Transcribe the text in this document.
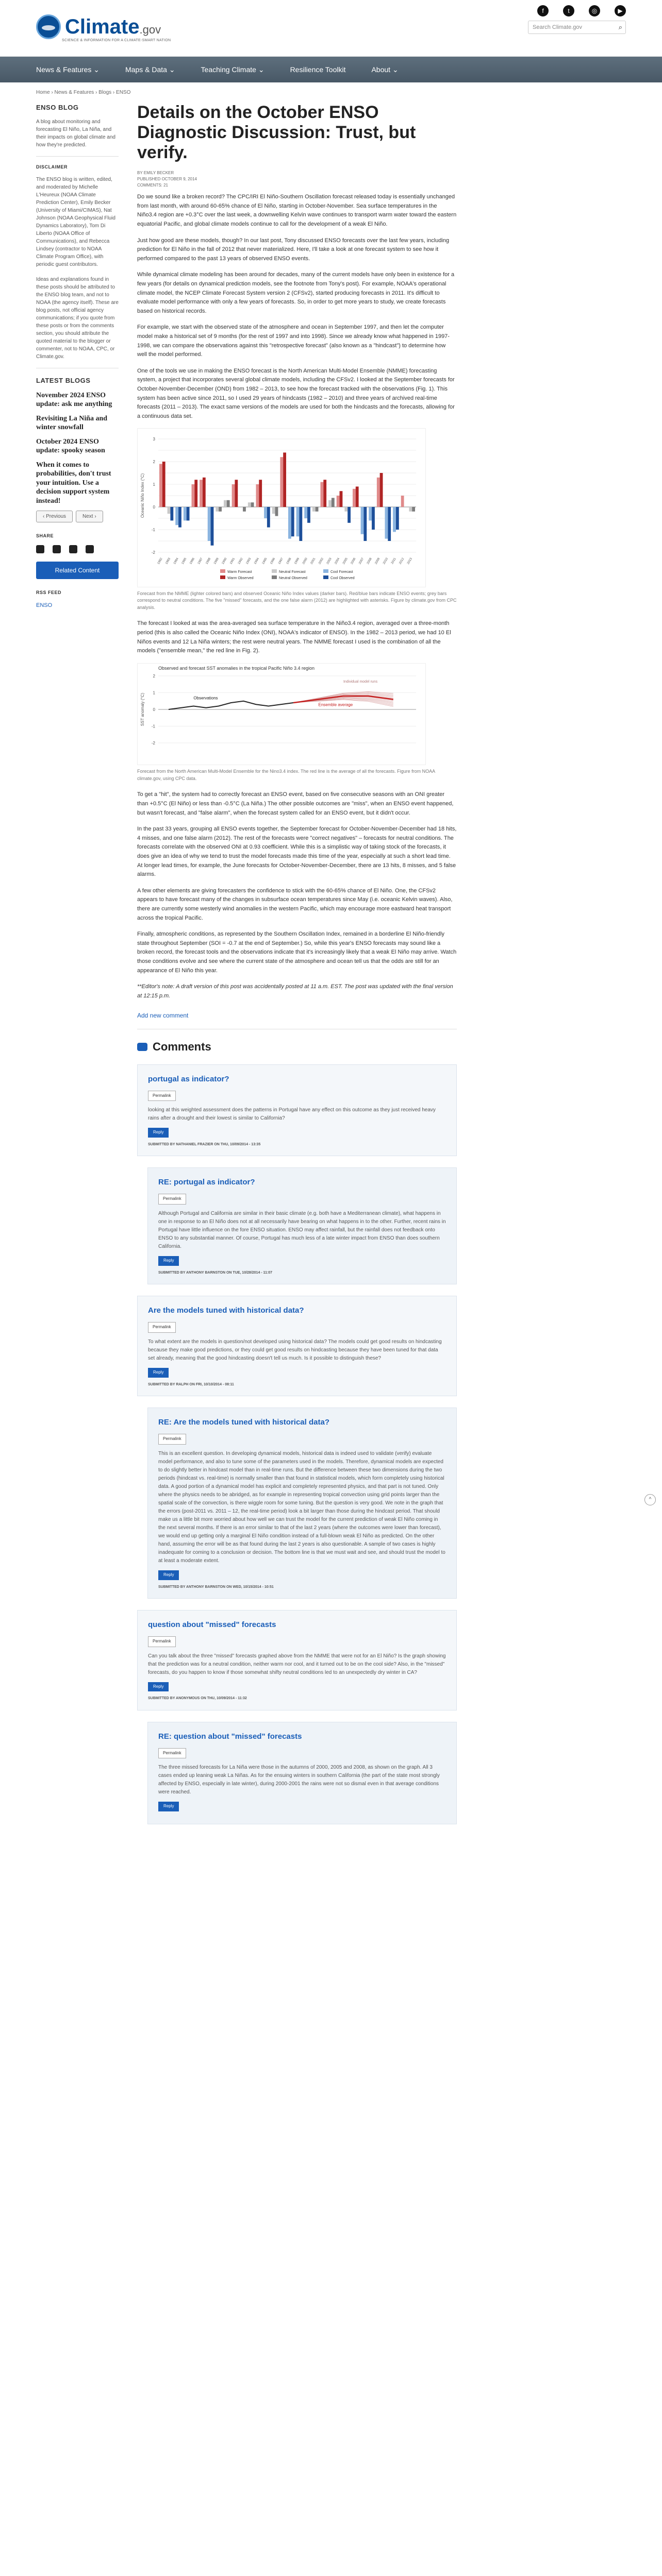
Climate.gov
SCIENCE & INFORMATION FOR A CLIMATE-SMART NATION
f	t	◎	▶
Search Climate.gov	⌕
News & Features ⌄	Maps & Data ⌄	Teaching Climate ⌄	Resilience Toolkit	About ⌄
Home › News & Features › Blogs › ENSO
ENSO BLOG

A blog about monitoring and forecasting El Niño, La Niña, and their impacts on global climate and how they're predicted.

DISCLAIMER

The ENSO blog is written, edited, and moderated by Michelle L'Heureux (NOAA Climate Prediction Center), Emily Becker (University of Miami/CIMAS), Nat Johnson (NOAA Geophysical Fluid Dynamics Laboratory), Tom Di Liberto (NOAA Office of Communications), and Rebecca Lindsey (contractor to NOAA Climate Program Office), with periodic guest contributors.

Ideas and explanations found in these posts should be attributed to the ENSO blog team, and not to NOAA (the agency itself). These are blog posts, not official agency communications; if you quote from these posts or from the comments section, you should attribute the quoted material to the blogger or commenter, not to NOAA, CPC, or Climate.gov.

LATEST BLOGS
November 2024 ENSO update: ask me anything
Revisiting La Niña and winter snowfall
October 2024 ENSO update: spooky season
When it comes to probabilities, don't trust your intuition. Use a decision support system instead!
‹ Previous	Next ›
SHARE
Related Content
RSS FEED
ENSO
Details on the October ENSO Diagnostic Discussion: Trust, but verify.
BY EMILY BECKER
PUBLISHED OCTOBER 9, 2014
COMMENTS: 21

Do we sound like a broken record? The CPC/IRI El Niño-Southern Oscillation forecast released today is essentially unchanged from last month, with around 60-65% chance of El Niño, starting in October-November. Sea surface temperatures in the Niño3.4 region are +0.3°C over the last week, a downwelling Kelvin wave continues to transport warm water toward the eastern equatorial Pacific, and global climate models continue to call for the development of a weak El Niño.

Just how good are these models, though? In our last post, Tony discussed ENSO forecasts over the last few years, including prediction for El Niño in the fall of 2012 that never materialized. Here, I'll take a look at one forecast system to see how it performed compared to the past 13 years of observed ENSO events.

While dynamical climate modeling has been around for decades, many of the current models have only been in existence for a few years (for details on dynamical prediction models, see the footnote from Tony's post). For example, NOAA's operational climate model, the NCEP Climate Forecast System version 2 (CFSv2), started producing forecasts in 2011. It's difficult to evaluate model performance with only a few years of forecasts. So, in order to get more years to study, we create forecasts based on historical records.

For example, we start with the observed state of the atmosphere and ocean in September 1997, and then let the computer model make a historical set of 9 months (for the rest of 1997 and into 1998). Since we already know what happened in 1997-1998, we can compare the observations against this "retrospective forecast" (also known as a "hindcast") to determine how well the model performed.

One of the tools we use in making the ENSO forecast is the North American Multi-Model Ensemble (NMME) forecasting system, a project that incorporates several global climate models, including the CFSv2. I looked at the September forecasts for October-November-December (OND) from 1982 – 2013, to see how the forecast tracked with the observations (Fig. 1). This system has been active since 2011, so I used 29 years of hindcasts (1982 – 2010) and three years of archived real-time forecasts (2011 – 2013). The exact same versions of the models are used for both the hindcasts and the forecasts, allowing for a continuous data set.

-2
-1
0
1
2
3
Oceanic Niño Index (°C)
1982 1983 1984 1985 1986 1987 1988 1989 1990 1991 1992 1993 1994 1995 1996 1997 1998 1999 2000 2001 2002 2003 2004 2005 2006 2007 2008 2009 2010 2011 2012 2013
Warm Forecast	Neutral Forecast	Cool Forecast
Warm Observed	Neutral Observed	Cool Observed
Forecast from the NMME (lighter colored bars) and observed Oceanic Niño Index values (darker bars). Red/blue bars indicate ENSO events; grey bars correspond to neutral conditions. The five "missed" forecasts, and the one false alarm (2012) are highlighted with asterisks. Figure by climate.gov from CPC analysis.

The forecast I looked at was the area-averaged sea surface temperature in the Niño3.4 region, averaged over a three-month period (this is also called the Oceanic Niño Index (ONI), NOAA's indicator of ENSO). In the 1982 – 2013 period, we had 10 El Niños events and 12 La Niña winters; the rest were neutral years. The NMME forecast I used is the combination of all the models ("ensemble mean," the red line in Fig. 2).

Observed and forecast SST anomalies in the tropical Pacific Niño 3.4 region
-2
-1
0
1
2
SST anomaly (°C)	Observations
Ensemble average
Individual model runs
Forecast from the North American Multi-Model Ensemble for the Nino3.4 index. The red line is the average of all the forecasts. Figure from NOAA climate.gov, using CPC data.

To get a "hit", the system had to correctly forecast an ENSO event, based on five consecutive seasons with an ONI greater than +0.5°C (El Niño) or less than -0.5°C (La Niña.) The other possible outcomes are "miss", when an ENSO event happened, but wasn't forecast, and "false alarm", when the forecast system called for an ENSO event, but it didn't occur.

In the past 33 years, grouping all ENSO events together, the September forecast for October-November-December had 18 hits, 4 misses, and one false alarm (2012). The rest of the forecasts were "correct negatives" – forecasts for neutral conditions. The forecasts correlate with the observed ONI at 0.93 coefficient. While this is a simplistic way of taking stock of the forecasts, it does give an idea of why we tend to trust the model forecasts made this time of the year, especially at such a short lead time. At longer lead times, for example, the June forecasts for October-November-December, there are 13 hits, 8 misses, and 5 false alarms.

A few other elements are giving forecasters the confidence to stick with the 60-65% chance of El Niño. One, the CFSv2 appears to have forecast many of the changes in subsurface ocean temperatures since May (i.e. oceanic Kelvin waves). Also, there are currently some westerly wind anomalies in the western Pacific, which may encourage more eastward heat transport across the tropical Pacific.

Finally, atmospheric conditions, as represented by the Southern Oscillation Index, remained in a borderline El Niño-friendly state throughout September (SOI = -0.7 at the end of September.) So, while this year's ENSO forecasts may sound like a broken record, the forecast tools and the observations indicate that it's increasingly likely that a weak El Niño may arrive. Watch those conditions evolve and see where the current state of the atmosphere and ocean tell us that the odds are still for an appearance of El Niño this year.

**Editor's note: A draft version of this post was accidentally posted at 11 a.m. EST. The post was updated with the final version at 12:15 p.m.

Add new comment
Comments
portugal as indicator?
Permalink
looking at this weighted assessment does the patterns in Portugal have any effect on this outcome as they just received heavy rains after a drought and their lowest is similar to California?
Reply
SUBMITTED BY NATHANIEL FRAZIER ON THU, 10/09/2014 - 13:35
RE: portugal as indicator?
Permalink
Although Portugal and California are similar in their basic climate (e.g. both have a Mediterranean climate), what happens in one in response to an El Niño does not at all necessarily have bearing on what happens in to the other. Further, recent rains in Portugal have little influence on the fore ENSO situation. ENSO may affect rainfall, but the rainfall does not feedback onto ENSO to any substantial manner. Of course, Portugal has much less of a late winter impact from ENSO than does southern California.
Reply
SUBMITTED BY ANTHONY BARNSTON ON TUE, 10/28/2014 - 11:07
Are the models tuned with historical data?
Permalink
To what extent are the models in question/not developed using historical data? The models could get good results on hindcasting because they make good predictions, or they could get good results on hindcasting because they have been tuned for that data set already, meaning that the good hindcasting doesn't tell us much. Is it possible to distinguish these?
Reply
SUBMITTED BY RALPH ON FRI, 10/10/2014 - 08:11
RE: Are the models tuned with historical data?
Permalink
This is an excellent question. In developing dynamical models, historical data is indeed used to validate (verify) evaluate model performance, and also to tune some of the parameters used in the models. Therefore, dynamical models are expected to do slightly better in hindcast model than in real-time runs. But the difference between these two dimensions during the two periods (hindcast vs. real-time) is normally smaller than that found in statistical models, which form completely using historical data. A good portion of a dynamical model has explicit and completely represented physics, and that part is not tuned. Only where the physics needs to be abridged, as for example in representing tropical convection using grid points larger than the spatial scale of the convection, is there wiggle room for some tuning. But the question is very good. We note in the graph that the errors (post-2011 vs. 2011 – 12, the real-time period) look a bit larger than those during the hindcast period. That should make us a little bit more worried about how well we can trust the model for the current prediction of weak El Niño coming in the next several months. If there is an error similar to that of the last 2 years (where the outcomes were lower than forecast), we would end up getting only a marginal El Niño condition instead of a full-blown weak El Niño as predicted. On the other hand, assuming the error will be as that found during the last 2 years is also questionable. A sample of two cases is highly inadequate for coming to a conclusion or decision. The bottom line is that we must wait and see, and should trust the model to at least a moderate extent.
Reply
SUBMITTED BY ANTHONY BARNSTON ON WED, 10/15/2014 - 10:51
question about "missed" forecasts
Permalink
Can you talk about the three "missed" forecasts graphed above from the NMME that were not for an El Niño? Is the graph showing that the prediction was for a neutral condition, neither warm nor cool, and it turned out to be on the cool side? Also, in the "missed" forecasts, do you happen to know if those somewhat shifty neutral conditions led to an unexpectedly dry winter in CA?
Reply
SUBMITTED BY ANONYMOUS ON THU, 10/09/2014 - 11:32
RE: question about "missed" forecasts
Permalink
The three missed forecasts for La Niña were those in the autumns of 2000, 2005 and 2008, as shown on the graph. All 3 cases ended up leaning weak La Niñas. As for the ensuing winters in southern California (the part of the state most strongly affected by ENSO, especially in late winter), during 2000-2001 the rains were not so dismal even in that average conditions were reached.
Reply
^
